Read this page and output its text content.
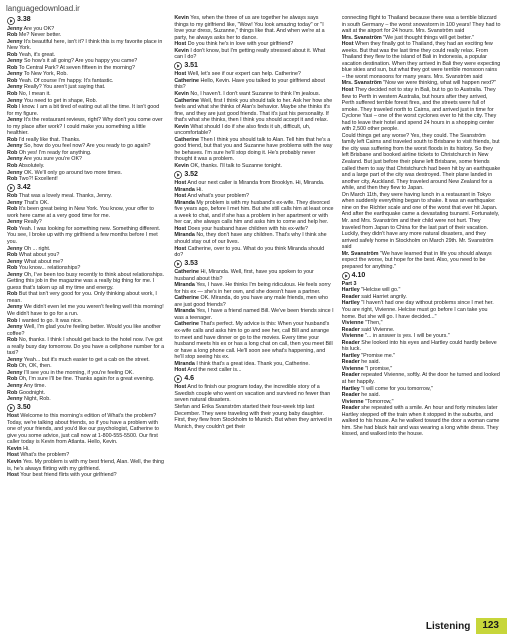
languagedownload.ir
3.38

Jenny Are you OK?

Rob Me? Never better.

Jenny It's beautiful here, isn't it? I think this is my favorite place in New York.

Rob Yeah, it's great.

Jenny So how's it all going? Are you happy you came?

Rob To Central Park? At seven fifteen in the morning?

Jenny To New York, Rob.

Rob Yeah. Of course I'm happy. It's fantastic.

Jenny Really? You aren't just saying that.

Rob No, I mean it.

Jenny You need to get in shape, Rob.

Rob I know. I am a bit tired of eating out all the time. It isn't good for my figure.

Jenny It's the restaurant reviews, right? Why don't you come over to my place after work? I could make you something a little healthier.

Rob I'd really like that. Thanks.

Jenny So, how do you feel now? Are you ready to go again?

Rob Oh yes! I'm ready for anything.

Jenny Are you sure you're OK?

Rob Absolutely.

Jenny OK. We'll only go around two more times.

Rob Two?! Excellent!

3.42

Rob That was a lovely meal. Thanks, Jenny.

Jenny That's OK.

Rob It's been great being in New York. You know, your offer to work here came at a very good time for me.

Jenny Really?

Rob Yeah. I was looking for something new. Something different. You see, I broke up with my girlfriend a few months before I met you.

Jenny Oh ... right.

Rob What about you?

Jenny What about me?

Rob You know... relationships?

Jenny Oh, I've been too busy recently to think about relationships. Getting this job in the magazine was a really big thing for me. I guess that's taken up all my time and energy.

Rob But that isn't very good for you. Only thinking about work, I mean.

Jenny We didn't even let me you weren't feeling well this morning! We didn't have to go for a run.

Rob I wanted to go. It was nice.

Jenny Well, I'm glad you're feeling better. Would you like another coffee?

Rob No, thanks. I think I should get back to the hotel now. I've got a really busy day tomorrow. Do you have a cellphone number for a taxi?

Jenny Yeah... but it's much easier to get a cab on the street.

Rob Oh, OK, then.

Jenny I'll see you in the morning, if you're feeling OK.

Rob Oh, I'm sure I'll be fine. Thanks again for a great evening.

Jenny Any time.

Rob Goodnight.

Jenny Night, Rob.

3.50

Host Welcome to this morning's edition of What's the problem? Today, we're talking about friends, so if you have a problem with one of your friends, and you'd like our psychologist, Catherine to give you some advice, just call now at 1-800-555-5500. Our first caller today is Kevin from Atlanta. Hello, Kevin.

Kevin Hi.

Host What's the problem?

Kevin Yes. My problem is with my best friend, Alan. Well, the thing is, he's always flirting with my girlfriend.

Host Your best friend flirts with your girlfriend?

Kevin Yes, when the three of us are together he always says things to my girlfriend like, "Wow! You look amazing today" or "I love your dress, Suzanne," things like that. And when we're at a party, he always asks her to dance.

Host Do you think he's in love with your girlfriend?

Kevin I don't know, but I'm getting really stressed about it. What can I do?

3.51

Host Well, let's see if our expert can help. Catherine?

Catherine Hello, Kevin. Have you talked to your girlfriend about this?

Kevin No, I haven't. I don't want Suzanne to think I'm jealous.

Catherine Well, first I think you should talk to her. Ask her how she feels and what she thinks of Alan's behavior. Maybe she thinks it's fine, and they are just good friends. That it's just his personality. If that's what she thinks, then I think you should accept it and relax.

Kevin What should I do if she also finds it uh, difficult, uh, uncomfortable?

Catherine Then I think you should talk to Alan. Tell him that he's a good friend, but that you and Suzanne have problems with the way he behaves. I'm sure he'll stop doing it. He's probably never thought it was a problem.

Kevin OK, thanks. I'll talk to Suzanne tonight.

3.52

Host And our next caller is Miranda from Brooklyn. Hi, Miranda.

Miranda Hi.

Host And what's your problem?

Miranda My problem is with my husband's ex-wife. They divorced five years ago, before I met him. But she still calls him at least once a week to chat, and if she has a problem in her apartment or with her car, she always calls him and asks him to come and help her.

Host Does your husband have children with his ex-wife?

Miranda No, they don't have any children. That's why I think she should stay out of our lives.

Host Catherine, over to you. What do you think Miranda should do?

3.53

Catherine Hi, Miranda. Well, first, have you spoken to your husband about this?

Miranda Yes, I have. He thinks I'm being ridiculous. He feels sorry for his ex — she's in her own, and she doesn't have a partner.

Catherine OK. Miranda, do you have any male friends, men who are just good friends?

Miranda Yes, I have a friend named Bill. We've been friends since I was a teenager.

Catherine That's perfect. My advice is this: When your husband's ex-wife calls and asks him to go and see her, call Bill and arrange to meet and have dinner or go to the movies. Every time your husband meets his ex or has a long chat on call, then you meet Bill or have a long phone call. He'll soon see what's happening, and he'll stop seeing his ex.

Miranda I think that's a great idea. Thank you, Catherine.

Host And the next caller is...

4.6

Host And to finish our program today, the incredible story of a Swedish couple who went on vacation and survived no fewer than seven natural disasters.

Stefan and Erika Svanström started their four-week trip last December. They were traveling with their young baby daughter. First, they flew from Stockholm to Munich. But when they arrived in Munich, they couldn't get their

connecting flight to Thailand because there was a terrible blizzard in south Germany – the worst snowstorm in 100 years! They had to wait at the airport for 24 hours. Mrs. Svanström said

Mrs. Svanström "We just thought things will get better."

Host When they finally got to Thailand, they had an exciting few weeks. But that was the last time they could really relax. From Thailand they flew to the island of Bali in Indonesia, a popular vacation destination. When they arrived in Bali they were expecting blue skies and sun, but what they got were terrible monsoon rains – the worst monsoons for many years. Mrs. Svanström said

Mrs. Svanström "Now we were thinking, what will happen next?"

Host They decided not to stay in Bali, but to go to Australia. They flew to Perth in western Australia, but hours after they arrived, Perth suffered terrible forest fires, and the streets were full of smoke. They traveled north to Cairns, and arrived just in time for Cyclone Yasi – one of the worst cyclones ever to hit the city. They had to leave their hotel and spend 24 hours in a shopping center with 2,500 other people.

Could things get any worse? Yes, they could. The Svanström family left Cairns and traveled south to Brisbane to visit friends, but the city was suffering from the worst floods in its history. So they left Brisbane and booked airline tickets to Christchurch in New Zealand. But just before their plane left Brisbane, some friends called them to say that Christchurch had been hit by an earthquake and a large part of the city was destroyed. Their plane landed in another city, Auckland. They traveled around New Zealand for a while, and then they flew to Japan.

On March 11th, they were having lunch in a restaurant in Tokyo when suddenly everything began to shake. It was an earthquake: nine on the Richter scale and one of the worst that ever hit Japan. And after the earthquake came a devastating tsunami. Fortunately, Mr. and Mrs. Svanström and their child were not hurt. They traveled from Japan to China for the last part of their vacation. Luckily, they didn't have any more natural disasters, and they arrived safely home in Stockholm on March 29th. Mr. Svanström said

Mr. Svanström "We have learned that in life you should always expect the worse, but hope for the best. Also, you need to be prepared for anything."

4.10

Part 3

Hartley "Helcise will go."

Reader said Harriet angrily.

Hartley "I haven't had one day without problems since I met her. You are right, Vivienne. Helcise must go before I can take you home. But she will go. I have decided..."

Vivienne "Then,"

Reader said Vivienne.

Vivienne "... in answer is yes. I will be yours."

Reader She looked into his eyes and Hartley could hardly believe his luck.

Hartley "Promise me."

Reader he said.

Vivienne "I promise,"

Reader repeated Vivienne, softly. At the door he turned and looked at her happily.

Hartley "I will come for you tomorrow,"

Reader he said.

Vivienne "Tomorrow,"

Reader she repeated with a smile. An hour and forty minutes later Hartley stepped off the train when it stopped in the suburbs, and walked to his house. As he walked toward the door a woman came him. She had black hair and was wearing a long white dress. They kissed, and walked into the house.

Listening	123
